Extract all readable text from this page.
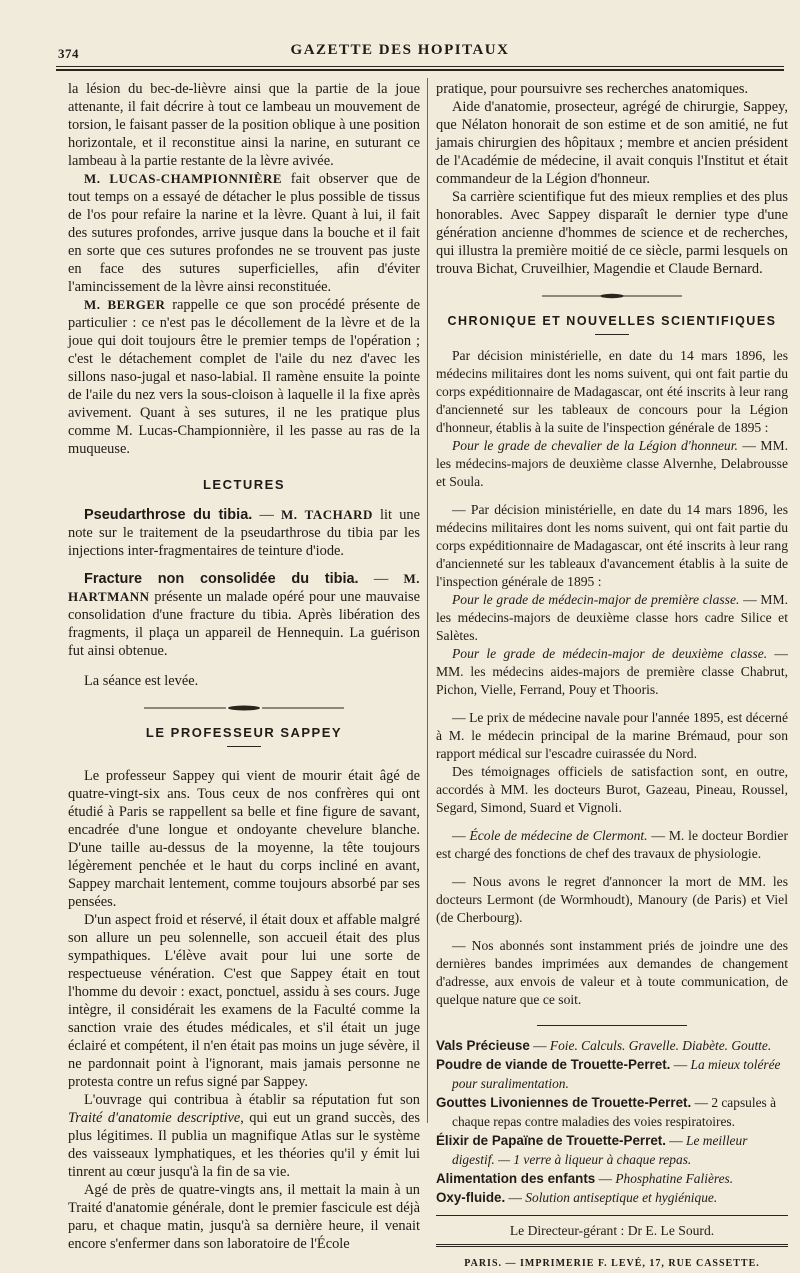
374	GAZETTE DES HOPITAUX

la lésion du bec-de-lièvre ainsi que la partie de la joue attenante, il fait décrire à tout ce lambeau un mouvement de torsion, le faisant passer de la position oblique à une position horizontale, et il reconstitue ainsi la narine, en suturant ce lambeau à la partie restante de la lèvre avivée.

M. LUCAS-CHAMPIONNIÈRE fait observer que de tout temps on a essayé de détacher le plus possible de tissus de l'os pour refaire la narine et la lèvre. Quant à lui, il fait des sutures profondes, arrive jusque dans la bouche et il fait en sorte que ces sutures profondes ne se trouvent pas juste en face des sutures superficielles, afin d'éviter l'amincissement de la lèvre ainsi reconstituée.

M. BERGER rappelle ce que son procédé présente de particulier : ce n'est pas le décollement de la lèvre et de la joue qui doit toujours être le premier temps de l'opération ; c'est le détachement complet de l'aile du nez d'avec les sillons naso-jugal et naso-labial. Il ramène ensuite la pointe de l'aile du nez vers la sous-cloison à laquelle il la fixe après avivement. Quant à ses sutures, il ne les pratique plus comme M. Lucas-Championnière, il les passe au ras de la muqueuse.

LECTURES

Pseudarthrose du tibia. — M. TACHARD lit une note sur le traitement de la pseudarthrose du tibia par les injections inter-fragmentaires de teinture d'iode.

Fracture non consolidée du tibia. — M. HARTMANN présente un malade opéré pour une mauvaise consolidation d'une fracture du tibia. Après libération des fragments, il plaça un appareil de Hennequin. La guérison fut ainsi obtenue.

La séance est levée.

LE PROFESSEUR SAPPEY

Le professeur Sappey qui vient de mourir était âgé de quatre-vingt-six ans. Tous ceux de nos confrères qui ont étudié à Paris se rappellent sa belle et fine figure de savant, encadrée d'une longue et ondoyante chevelure blanche. D'une taille au-dessus de la moyenne, la tête toujours légèrement penchée et le haut du corps incliné en avant, Sappey marchait lentement, comme toujours absorbé par ses pensées.

D'un aspect froid et réservé, il était doux et affable malgré son allure un peu solennelle, son accueil était des plus sympathiques. L'élève avait pour lui une sorte de respectueuse vénération. C'est que Sappey était en tout l'homme du devoir : exact, ponctuel, assidu à ses cours. Juge intègre, il considérait les examens de la Faculté comme la sanction vraie des études médicales, et s'il était un juge éclairé et compétent, il n'en était pas moins un juge sévère, il ne pardonnait point à l'ignorant, mais jamais personne ne protesta contre un refus signé par Sappey.

L'ouvrage qui contribua à établir sa réputation fut son Traité d'anatomie descriptive, qui eut un grand succès, des plus légitimes. Il publia un magnifique Atlas sur le système des vaisseaux lymphatiques, et les théories qu'il y émit lui tinrent au cœur jusqu'à la fin de sa vie.

Agé de près de quatre-vingts ans, il mettait la main à un Traité d'anatomie générale, dont le premier fascicule est déjà paru, et chaque matin, jusqu'à sa dernière heure, il venait encore s'enfermer dans son laboratoire de l'École

pratique, pour poursuivre ses recherches anatomiques.

Aide d'anatomie, prosecteur, agrégé de chirurgie, Sappey, que Nélaton honorait de son estime et de son amitié, ne fut jamais chirurgien des hôpitaux ; membre et ancien président de l'Académie de médecine, il avait conquis l'Institut et était commandeur de la Légion d'honneur.

Sa carrière scientifique fut des mieux remplies et des plus honorables. Avec Sappey disparaît le dernier type d'une génération ancienne d'hommes de science et de recherches, qui illustra la première moitié de ce siècle, parmi lesquels on trouva Bichat, Cruveilhier, Magendie et Claude Bernard.

CHRONIQUE ET NOUVELLES SCIENTIFIQUES

Par décision ministérielle, en date du 14 mars 1896, les médecins militaires dont les noms suivent, qui ont fait partie du corps expéditionnaire de Madagascar, ont été inscrits à leur rang d'ancienneté sur les tableaux de concours pour la Légion d'honneur, établis à la suite de l'inspection générale de 1895 :

Pour le grade de chevalier de la Légion d'honneur. — MM. les médecins-majors de deuxième classe Alvernhe, Delabrousse et Soula.

— Par décision ministérielle, en date du 14 mars 1896, les médecins militaires dont les noms suivent, qui ont fait partie du corps expéditionnaire de Madagascar, ont été inscrits à leur rang d'ancienneté sur les tableaux d'avancement établis à la suite de l'inspection générale de 1895 :

Pour le grade de médecin-major de première classe. — MM. les médecins-majors de deuxième classe hors cadre Silice et Salètes.

Pour le grade de médecin-major de deuxième classe. — MM. les médecins aides-majors de première classe Chabrut, Pichon, Vielle, Ferrand, Pouy et Thooris.

— Le prix de médecine navale pour l'année 1895, est décerné à M. le médecin principal de la marine Brémaud, pour son rapport médical sur l'escadre cuirassée du Nord.

Des témoignages officiels de satisfaction sont, en outre, accordés à MM. les docteurs Burot, Gazeau, Pineau, Roussel, Segard, Simond, Suard et Vignoli.

— École de médecine de Clermont. — M. le docteur Bordier est chargé des fonctions de chef des travaux de physiologie.

— Nous avons le regret d'annoncer la mort de MM. les docteurs Lermont (de Wormhoudt), Manoury (de Paris) et Viel (de Cherbourg).

— Nos abonnés sont instamment priés de joindre une des dernières bandes imprimées aux demandes de changement d'adresse, aux envois de valeur et à toute communication, de quelque nature que ce soit.

Vals Précieuse — Foie. Calculs. Gravelle. Diabète. Goutte.

Poudre de viande de Trouette-Perret. — La mieux tolérée pour suralimentation.

Gouttes Livoniennes de Trouette-Perret. — 2 capsules à chaque repas contre maladies des voies respiratoires.

Élixir de Papaïne de Trouette-Perret. — Le meilleur digestif. — 1 verre à liqueur à chaque repas.

Alimentation des enfants — Phosphatine Falières.

Oxy-fluide. — Solution antiseptique et hygiénique.

Le Directeur-gérant : Dr E. Le Sourd.
PARIS. — IMPRIMERIE F. LEVÉ, 17, RUE CASSETTE.
